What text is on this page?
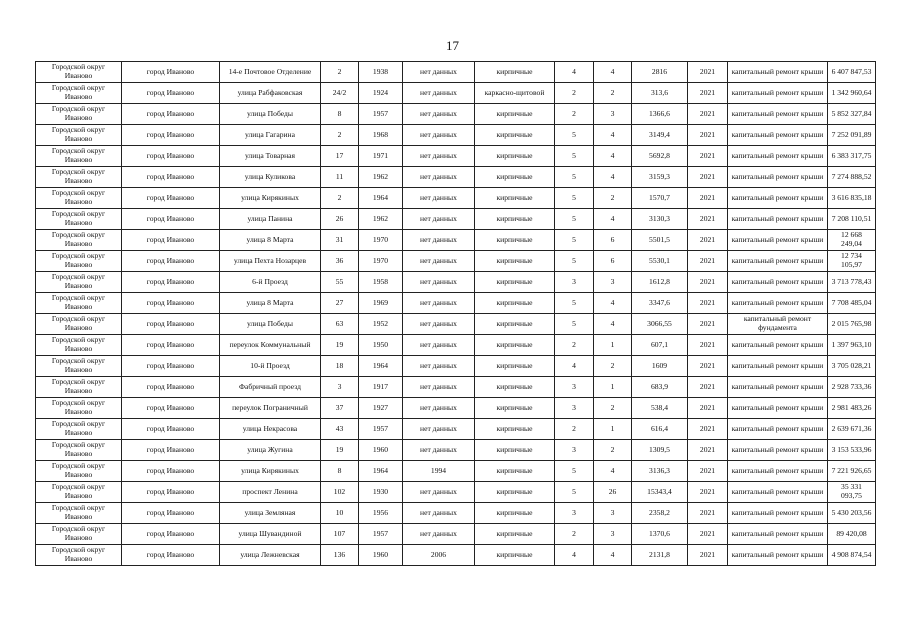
17
Городской округ Иваново	город Иваново	14-е Почтовое Отделение	2	1938	нет данных	кирпичные	4	4	2816	2021	капитальный ремонт крыши	6 407 847,53
Городской округ Иваново	город Иваново	улица Рабфаковская	24/2	1924	нет данных	каркасно-щитовой	2	2	313,6	2021	капитальный ремонт крыши	1 342 960,64
Городской округ Иваново	город Иваново	улица Победы	8	1957	нет данных	кирпичные	2	3	1366,6	2021	капитальный ремонт крыши	5 852 327,84
Городской округ Иваново	город Иваново	улица Гагарина	2	1968	нет данных	кирпичные	5	4	3149,4	2021	капитальный ремонт крыши	7 252 091,89
Городской округ Иваново	город Иваново	улица Товарная	17	1971	нет данных	кирпичные	5	4	5692,8	2021	капитальный ремонт крыши	6 383 317,75
Городской округ Иваново	город Иваново	улица Куликова	11	1962	нет данных	кирпичные	5	4	3159,3	2021	капитальный ремонт крыши	7 274 888,52
Городской округ Иваново	город Иваново	улица Кирякиных	2	1964	нет данных	кирпичные	5	2	1570,7	2021	капитальный ремонт крыши	3 616 835,18
Городской округ Иваново	город Иваново	улица Панина	26	1962	нет данных	кирпичные	5	4	3130,3	2021	капитальный ремонт крыши	7 208 110,51
Городской округ Иваново	город Иваново	улица 8 Марта	31	1970	нет данных	кирпичные	5	6	5501,5	2021	капитальный ремонт крыши	12 668 249,04
Городской округ Иваново	город Иваново	улица Пехта Нозарцев	36	1970	нет данных	кирпичные	5	6	5530,1	2021	капитальный ремонт крыши	12 734 105,97
Городской округ Иваново	город Иваново	6-й Проезд	55	1958	нет данных	кирпичные	3	3	1612,8	2021	капитальный ремонт крыши	3 713 778,43
Городской округ Иваново	город Иваново	улица 8 Марта	27	1969	нет данных	кирпичные	5	4	3347,6	2021	капитальный ремонт крыши	7 708 485,04
Городской округ Иваново	город Иваново	улица Победы	63	1952	нет данных	кирпичные	5	4	3066,55	2021	капитальный ремонт фундамента	2 015 765,98
Городской округ Иваново	город Иваново	переулок Коммунальный	19	1950	нет данных	кирпичные	2	1	607,1	2021	капитальный ремонт крыши	1 397 963,10
Городской округ Иваново	город Иваново	10-й Проезд	18	1964	нет данных	кирпичные	4	2	1609	2021	капитальный ремонт крыши	3 705 028,21
Городской округ Иваново	город Иваново	Фабричный проезд	3	1917	нет данных	кирпичные	3	1	683,9	2021	капитальный ремонт крыши	2 928 733,36
Городской округ Иваново	город Иваново	переулок Пограничный	37	1927	нет данных	кирпичные	3	2	538,4	2021	капитальный ремонт крыши	2 981 483,26
Городской округ Иваново	город Иваново	улица Некрасова	43	1957	нет данных	кирпичные	2	1	616,4	2021	капитальный ремонт крыши	2 639 671,36
Городской округ Иваново	город Иваново	улица Жугина	19	1960	нет данных	кирпичные	3	2	1309,5	2021	капитальный ремонт крыши	3 153 533,96
Городской округ Иваново	город Иваново	улица Кирякиных	8	1964	1994	кирпичные	5	4	3136,3	2021	капитальный ремонт крыши	7 221 926,65
Городской округ Иваново	город Иваново	проспект Ленина	102	1930	нет данных	кирпичные	5	26	15343,4	2021	капитальный ремонт крыши	35 331 093,75
Городской округ Иваново	город Иваново	улица Земляная	10	1956	нет данных	кирпичные	3	3	2358,2	2021	капитальный ремонт крыши	5 430 203,56
Городской округ Иваново	город Иваново	улица Шувандиной	107	1957	нет данных	кирпичные	2	3	1370,6	2021	капитальный ремонт крыши	89 420,08
Городской округ Иваново	город Иваново	улица Лежневская	136	1960	2006	кирпичные	4	4	2131,8	2021	капитальный ремонт крыши	4 908 874,54
